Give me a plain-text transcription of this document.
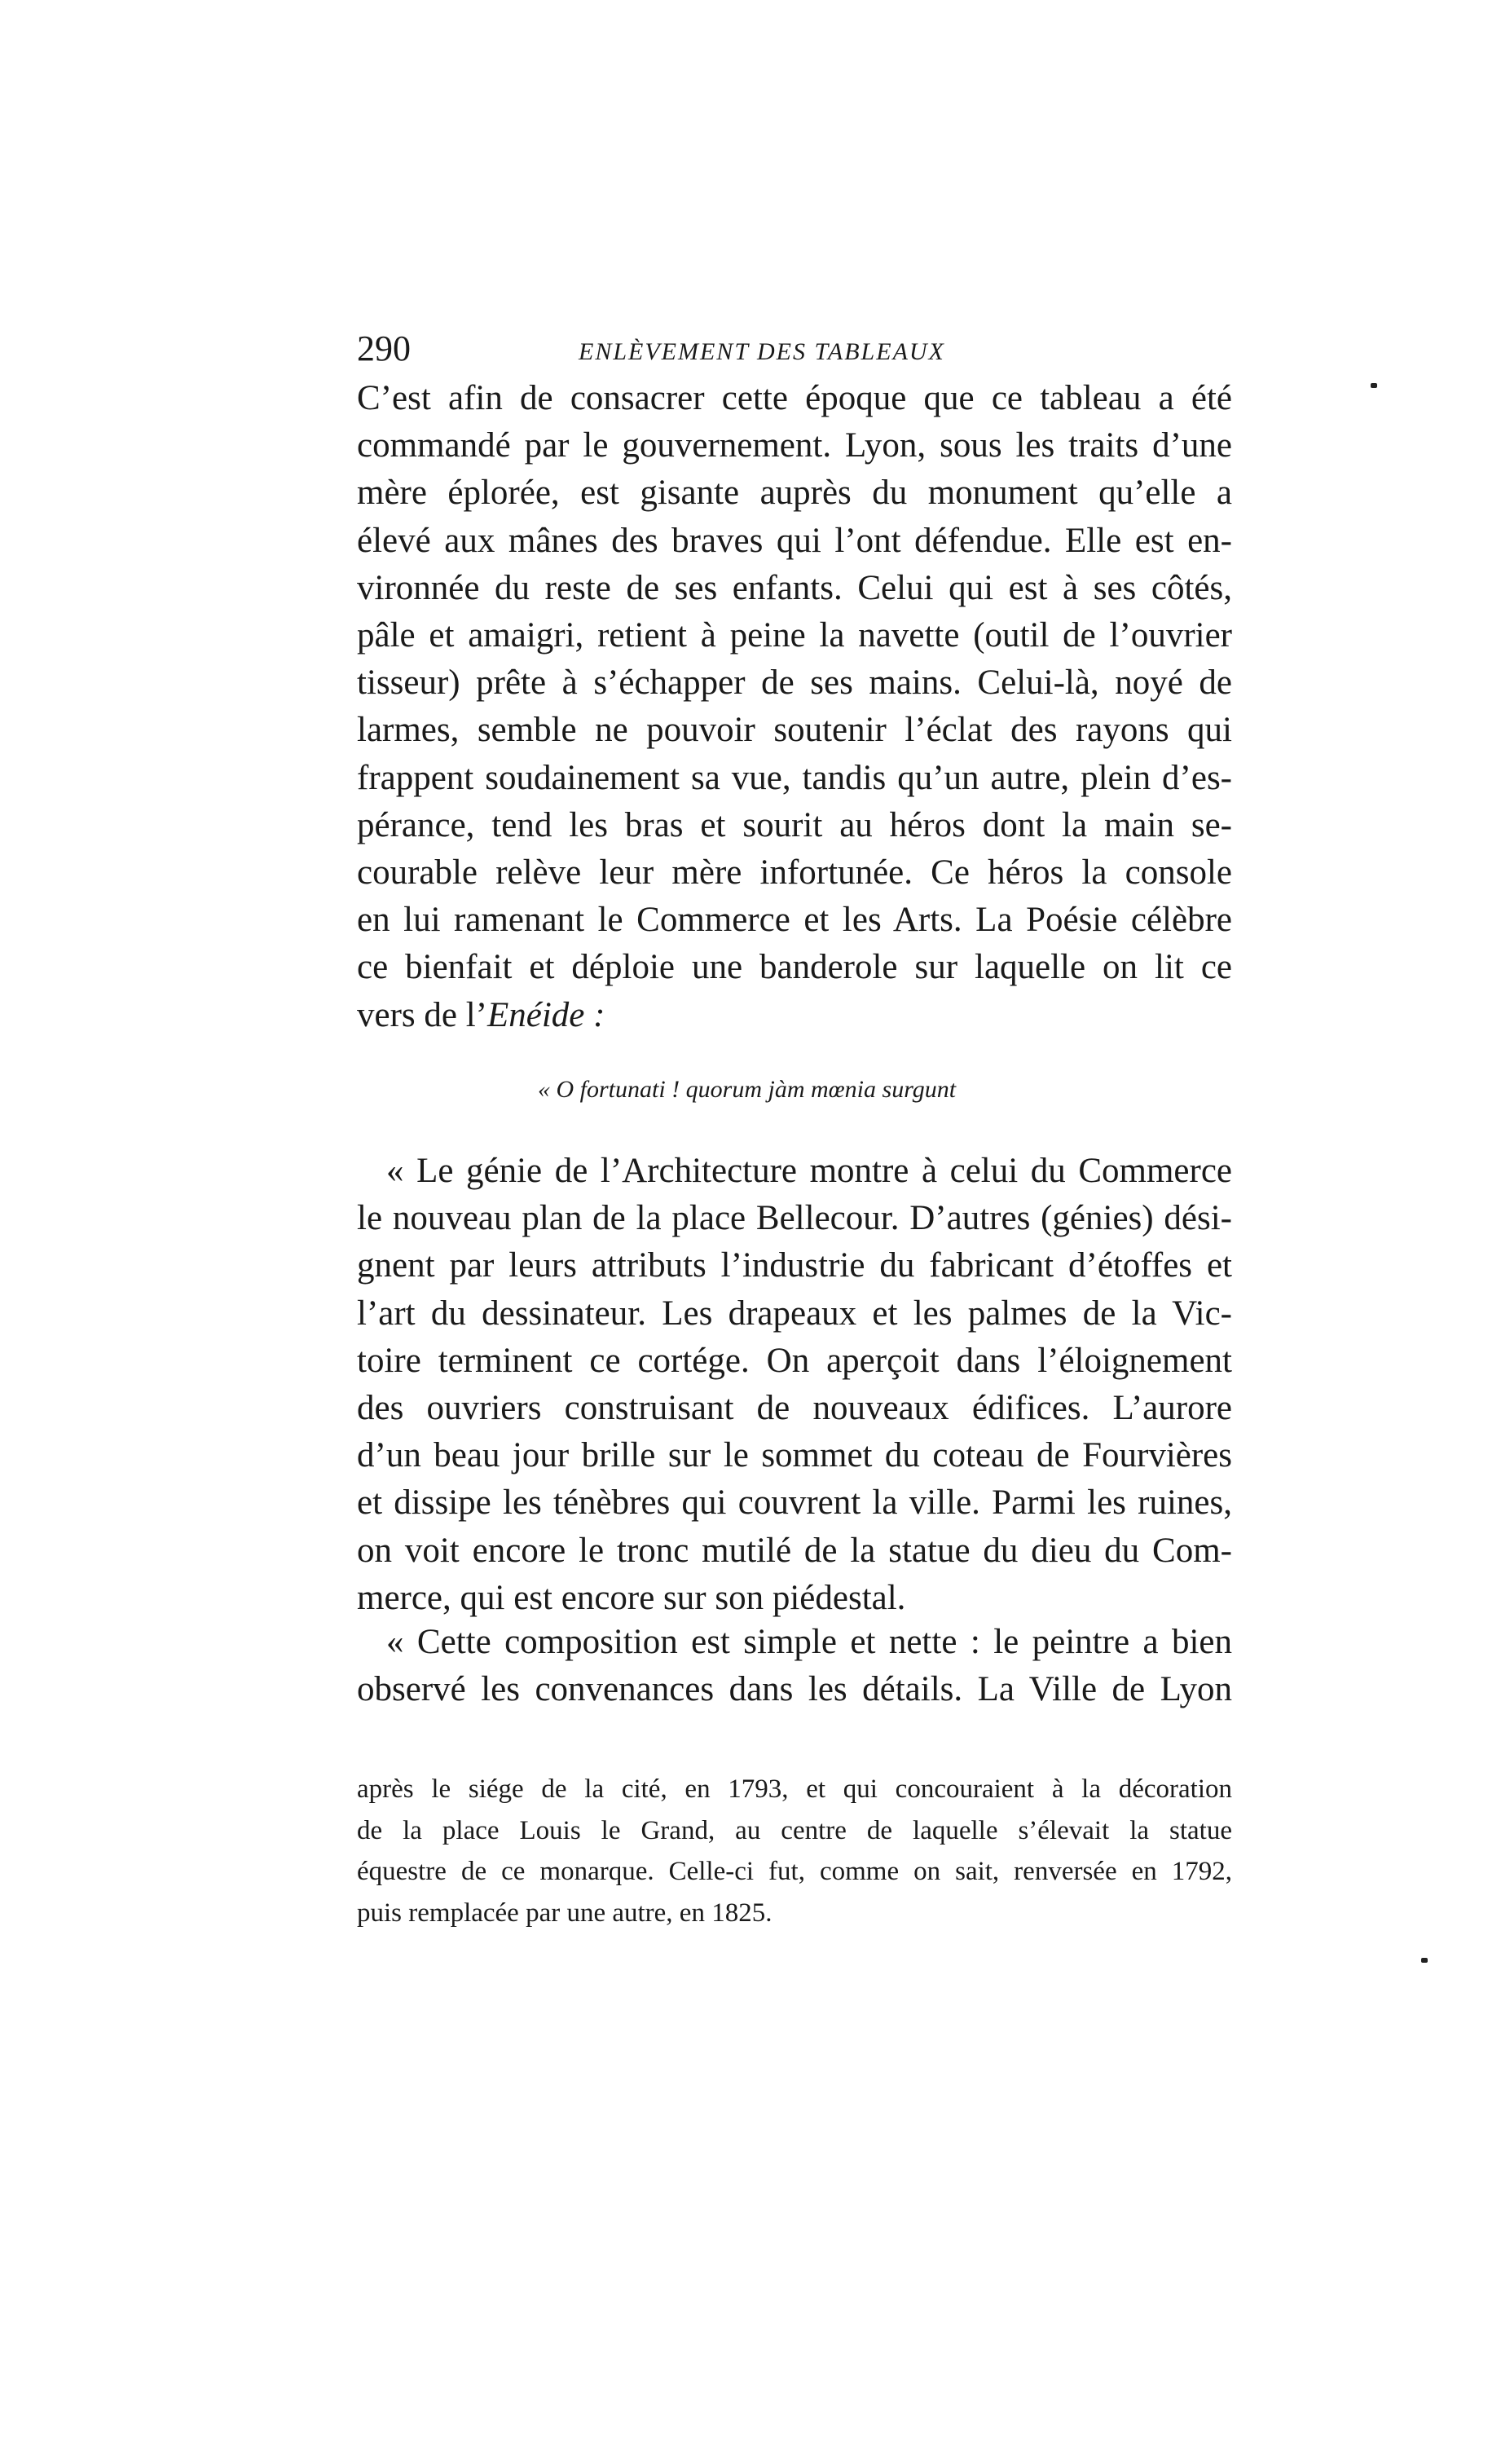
290	ENLÈVEMENT DES TABLEAUX

C’est afin de consacrer cette époque que ce tableau a été
commandé par le gouvernement. Lyon, sous les traits d’une
mère éplorée, est gisante auprès du monument qu’elle a
élevé aux mânes des braves qui l’ont défendue. Elle est en-
vironnée du reste de ses enfants. Celui qui est à ses côtés,
pâle et amaigri, retient à peine la navette (outil de l’ouvrier
tisseur) prête à s’échapper de ses mains. Celui-là, noyé de
larmes, semble ne pouvoir soutenir l’éclat des rayons qui
frappent soudainement sa vue, tandis qu’un autre, plein d’es-
pérance, tend les bras et sourit au héros dont la main se-
courable relève leur mère infortunée. Ce héros la console
en lui ramenant le Commerce et les Arts. La Poésie célèbre
ce bienfait et déploie une banderole sur laquelle on lit ce
vers de l’Enéide :

« O fortunati ! quorum jàm mœnia surgunt

« Le génie de l’Architecture montre à celui du Commerce
le nouveau plan de la place Bellecour. D’autres (génies) dési-
gnent par leurs attributs l’industrie du fabricant d’étoffes et
l’art du dessinateur. Les drapeaux et les palmes de la Vic-
toire terminent ce cortége. On aperçoit dans l’éloignement
des ouvriers construisant de nouveaux édifices. L’aurore
d’un beau jour brille sur le sommet du coteau de Fourvières
et dissipe les ténèbres qui couvrent la ville. Parmi les ruines,
on voit encore le tronc mutilé de la statue du dieu du Com-
merce, qui est encore sur son piédestal.

« Cette composition est simple et nette : le peintre a bien
observé les convenances dans les détails. La Ville de Lyon

après le siége de la cité, en 1793, et qui concouraient à la décoration
de la place Louis le Grand, au centre de laquelle s’élevait la statue
équestre de ce monarque. Celle-ci fut, comme on sait, renversée en 1792,
puis remplacée par une autre, en 1825.
